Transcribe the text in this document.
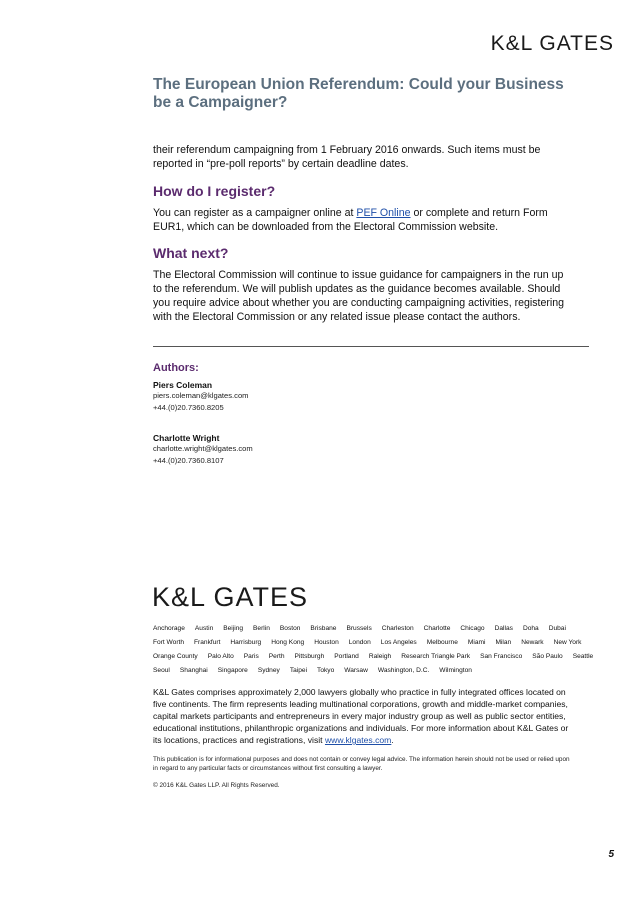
K&L GATES
The European Union Referendum: Could your Business be a Campaigner?

their referendum campaigning from 1 February 2016 onwards. Such items must be reported in “pre-poll reports” by certain deadline dates.

How do I register?

You can register as a campaigner online at PEF Online or complete and return Form EUR1, which can be downloaded from the Electoral Commission website.

What next?

The Electoral Commission will continue to issue guidance for campaigners in the run up to the referendum. We will publish updates as the guidance becomes available. Should you require advice about whether you are conducting campaigning activities, registering with the Electoral Commission or any related issue please contact the authors.

Authors:
Piers Coleman
piers.coleman@klgates.com
+44.(0)20.7360.8205
Charlotte Wright
charlotte.wright@klgates.com
+44.(0)20.7360.8107
K&L GATES
Anchorage Austin Beijing Berlin Boston Brisbane Brussels Charleston Charlotte Chicago Dallas Doha Dubai
Fort Worth Frankfurt Harrisburg Hong Kong Houston London Los Angeles Melbourne Miami Milan Newark New York
Orange County Palo Alto Paris Perth Pittsburgh Portland Raleigh Research Triangle Park San Francisco São Paulo Seattle
Seoul Shanghai Singapore Sydney Taipei Tokyo Warsaw Washington, D.C. Wilmington

K&L Gates comprises approximately 2,000 lawyers globally who practice in fully integrated offices located on five continents. The firm represents leading multinational corporations, growth and middle-market companies, capital markets participants and entrepreneurs in every major industry group as well as public sector entities, educational institutions, philanthropic organizations and individuals. For more information about K&L Gates or its locations, practices and registrations, visit www.klgates.com.

This publication is for informational purposes and does not contain or convey legal advice. The information herein should not be used or relied upon in regard to any particular facts or circumstances without first consulting a lawyer.

© 2016 K&L Gates LLP. All Rights Reserved.
5
